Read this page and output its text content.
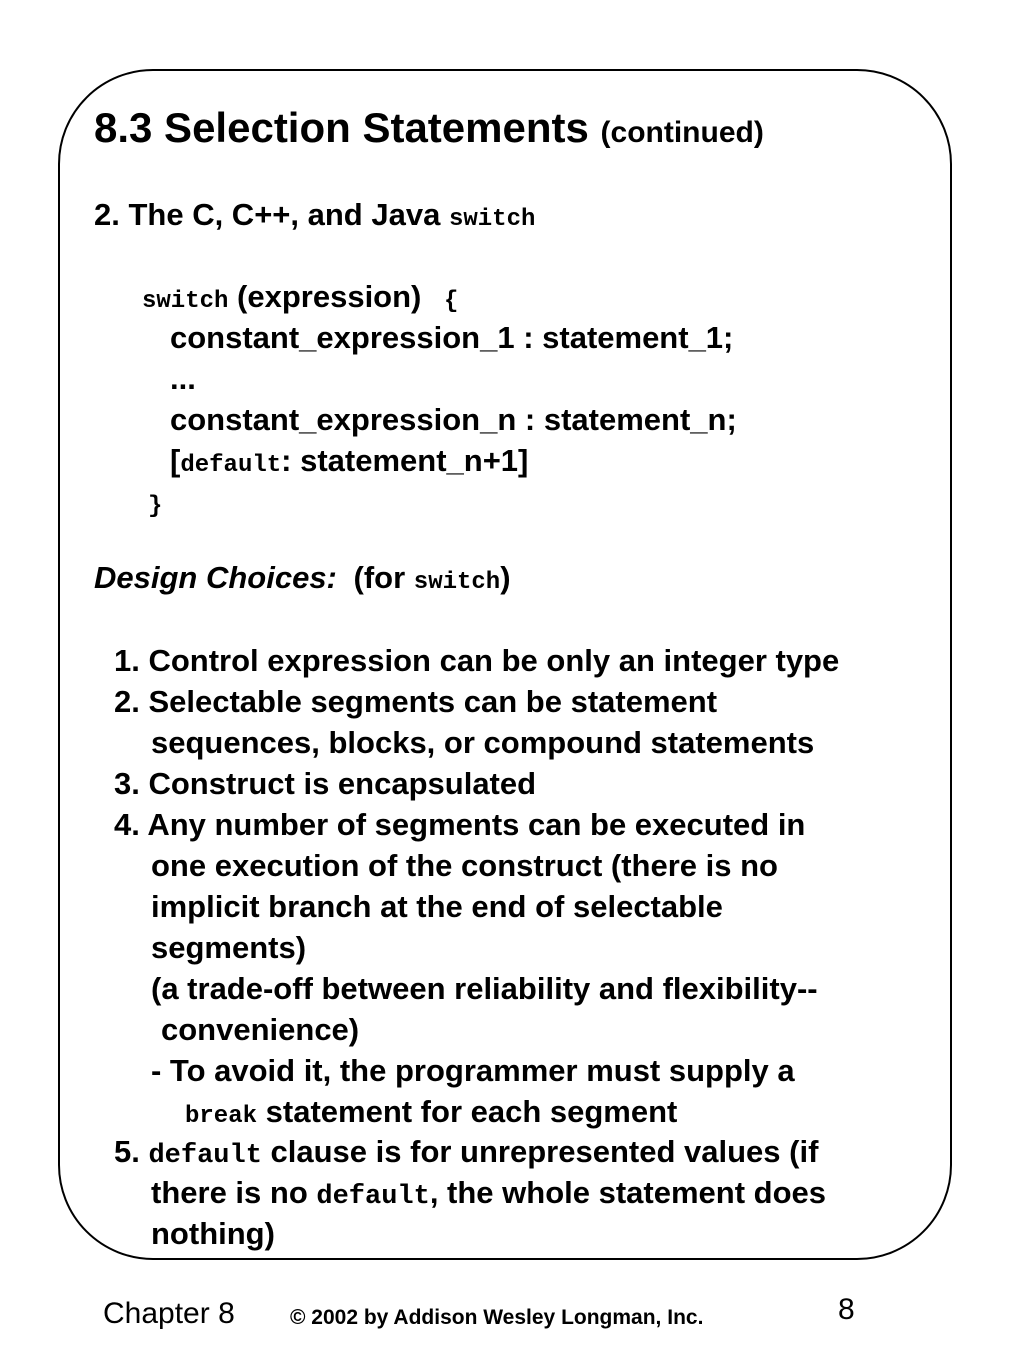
8.3 Selection Statements (continued)
2. The C, C++, and Java switch
switch (expression) {
constant_expression_1 : statement_1;
...
constant_expression_n : statement_n;
[default: statement_n+1]
}
Design Choices: (for switch)
1. Control expression can be only an integer type
2. Selectable segments can be statement
sequences, blocks, or compound statements
3. Construct is encapsulated
4. Any number of segments can be executed in
one execution of the construct (there is no
implicit branch at the end of selectable
segments)
(a trade-off between reliability and flexibility--
convenience)
- To avoid it, the programmer must supply a
break statement for each segment
5. default clause is for unrepresented values (if
there is no default, the whole statement does
nothing)
Chapter 8	© 2002 by Addison Wesley Longman, Inc.	8
